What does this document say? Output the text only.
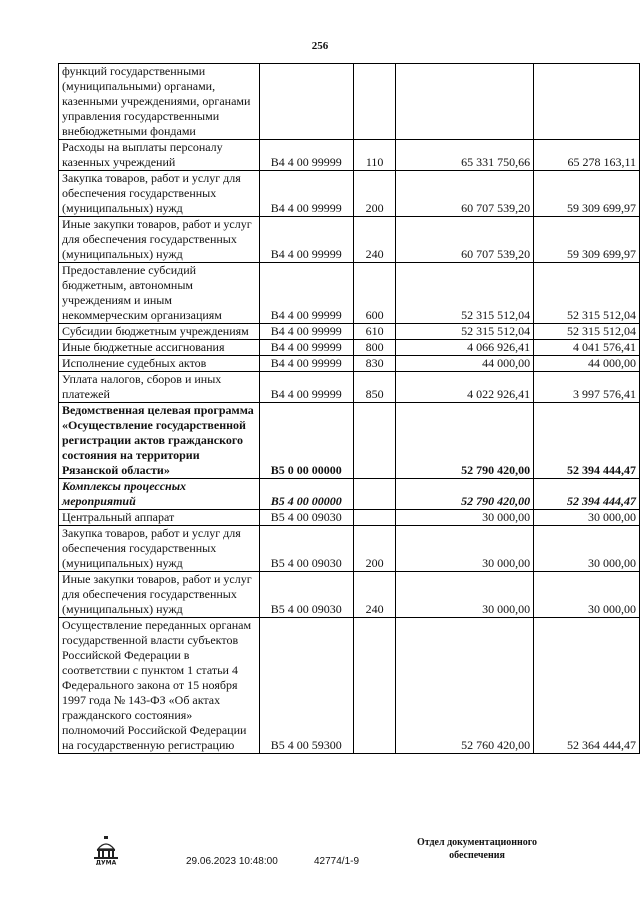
256
функций государственными (муниципальными) органами, казенными учреждениями, органами управления государственными внебюджетными фондами				
Расходы на выплаты персоналу казенных учреждений	В4 4 00 99999	110	65 331 750,66	65 278 163,11
Закупка товаров, работ и услуг для обеспечения государственных (муниципальных) нужд	В4 4 00 99999	200	60 707 539,20	59 309 699,97
Иные закупки товаров, работ и услуг для обеспечения государственных (муниципальных) нужд	В4 4 00 99999	240	60 707 539,20	59 309 699,97
Предоставление субсидий бюджетным, автономным учреждениям и иным некоммерческим организациям	В4 4 00 99999	600	52 315 512,04	52 315 512,04
Субсидии бюджетным учреждениям	В4 4 00 99999	610	52 315 512,04	52 315 512,04
Иные бюджетные ассигнования	В4 4 00 99999	800	4 066 926,41	4 041 576,41
Исполнение судебных актов	В4 4 00 99999	830	44 000,00	44 000,00
Уплата налогов, сборов и иных платежей	В4 4 00 99999	850	4 022 926,41	3 997 576,41
Ведомственная целевая программа «Осуществление государственной регистрации актов гражданского состояния на территории Рязанской области»	В5 0 00 00000		52 790 420,00	52 394 444,47
Комплексы процессных мероприятий	В5 4 00 00000		52 790 420,00	52 394 444,47
Центральный аппарат	В5 4 00 09030		30 000,00	30 000,00
Закупка товаров, работ и услуг для обеспечения государственных (муниципальных) нужд	В5 4 00 09030	200	30 000,00	30 000,00
Иные закупки товаров, работ и услуг для обеспечения государственных (муниципальных) нужд	В5 4 00 09030	240	30 000,00	30 000,00
Осуществление переданных органам государственной власти субъектов Российской Федерации в соответствии с пунктом 1 статьи 4 Федерального закона от 15 ноября 1997 года № 143-ФЗ «Об актах гражданского состояния» полномочий Российской Федерации на государственную регистрацию	В5 4 00 59300		52 760 420,00	52 364 444,47
ДУМА	29.06.2023 10:48:00	42774/1-9
Отдел документационного обеспечения
